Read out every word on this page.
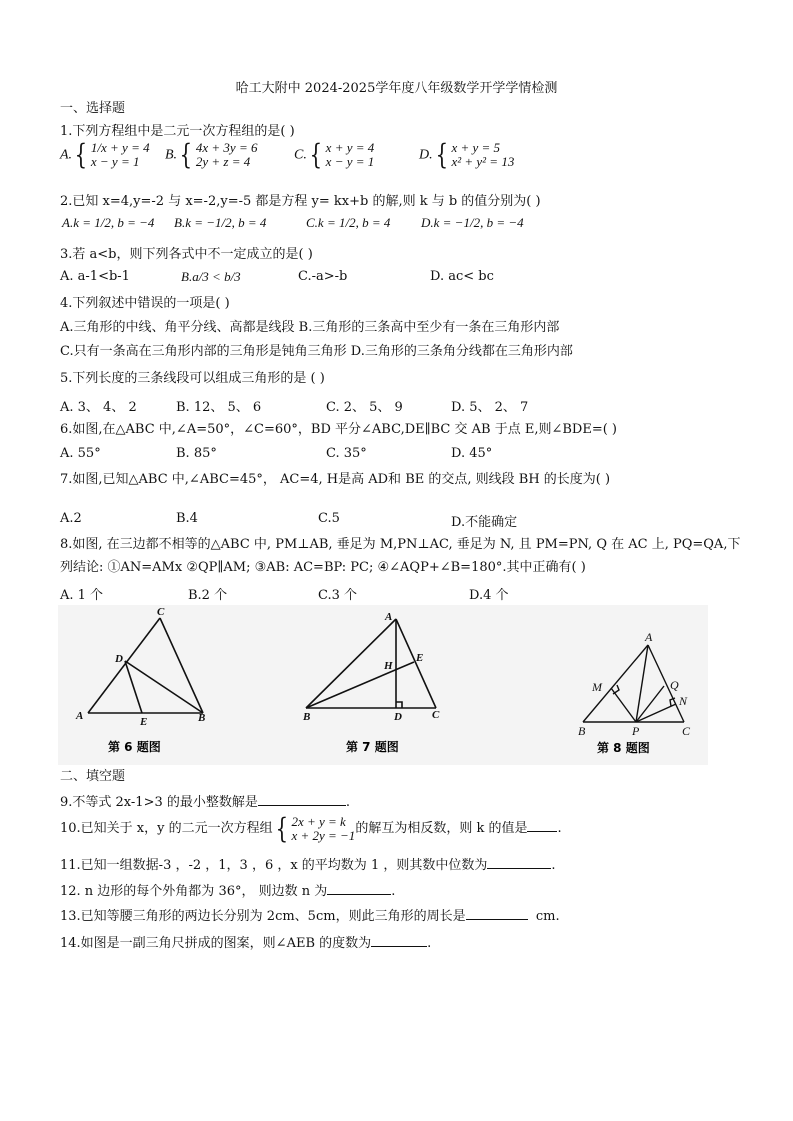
哈工大附中 2024-2025学年度八年级数学开学学情检测
一、选择题
1.下列方程组中是二元一次方程组的是( )
A.{ 1/x + y = 4
x − y = 1	B.{ 4x + 3y = 6
2y + z = 4	C.{ x + y = 4
x − y = 1	D.{ x + y = 5
x² + y² = 13
2.已知 x=4,y=-2 与 x=-2,y=-5 都是方程 y= kx+b 的解,则 k 与 b 的值分别为( )
A.k = 1/2, b = −4 B.k = −1/2, b = 4	C.k = 1/2, b = 4 D.k = −1/2, b = −4
3.若 a<b，则下列各式中不一定成立的是( )
A. a-1<b-1	B.a/3 < b/3	C.-a>-b	D. ac< bc
4.下列叙述中错误的一项是( )
A.三角形的中线、角平分线、高都是线段 B.三角形的三条高中至少有一条在三角形内部
C.只有一条高在三角形内部的三角形是钝角三角形 D.三角形的三条角分线都在三角形内部
5.下列长度的三条线段可以组成三角形的是 ( )
A. 3、 4、 2	B. 12、 5、 6	C. 2、 5、 9	D. 5、 2、 7
6.如图,在△ABC 中,∠A=50°，∠C=60°，BD 平分∠ABC,DE∥BC 交 AB 于点 E,则∠BDE=( )
A. 55°	B. 85°	C. 35°	D. 45°
7.如图,已知△ABC 中,∠ABC=45°， AC=4, H是高 AD和 BE 的交点, 则线段 BH 的长度为( )
A.2	B.4	C.5	D.不能确定
8.如图, 在三边都不相等的△ABC 中, PM⊥AB, 垂足为 M,PN⊥AC, 垂足为 N, 且 PM=PN, Q 在 AC 上, PQ=QA,下
列结论: ①AN=AMx ②QP∥AM; ③AB: AC=BP: PC; ④∠AQP+∠B=180°.其中正确有( )
A. 1 个	B.2 个	C.3 个	D.4 个
A	B
C
D
E
第 6 题图
A
B	C
D
E
H
第 7 题图
A
B	C
M
N
P
Q
第 8 题图
二、填空题
9.不等式 2x-1>3 的最小整数解是	.
10.已知关于 x，y 的二元一次方程组{ 2x + y = k
x + 2y = −1的解互为相反数，则 k 的值是 .
11.已知一组数据-3 ，-2 ，1，3 ，6 ，x 的平均数为 1 ，则其数中位数为	.
12. n 边形的每个外角都为 36°， 则边数 n 为	.
13.已知等腰三角形的两边长分别为 2cm、5cm，则此三角形的周长是	cm.
14.如图是一副三角尺拼成的图案，则∠AEB 的度数为	.
